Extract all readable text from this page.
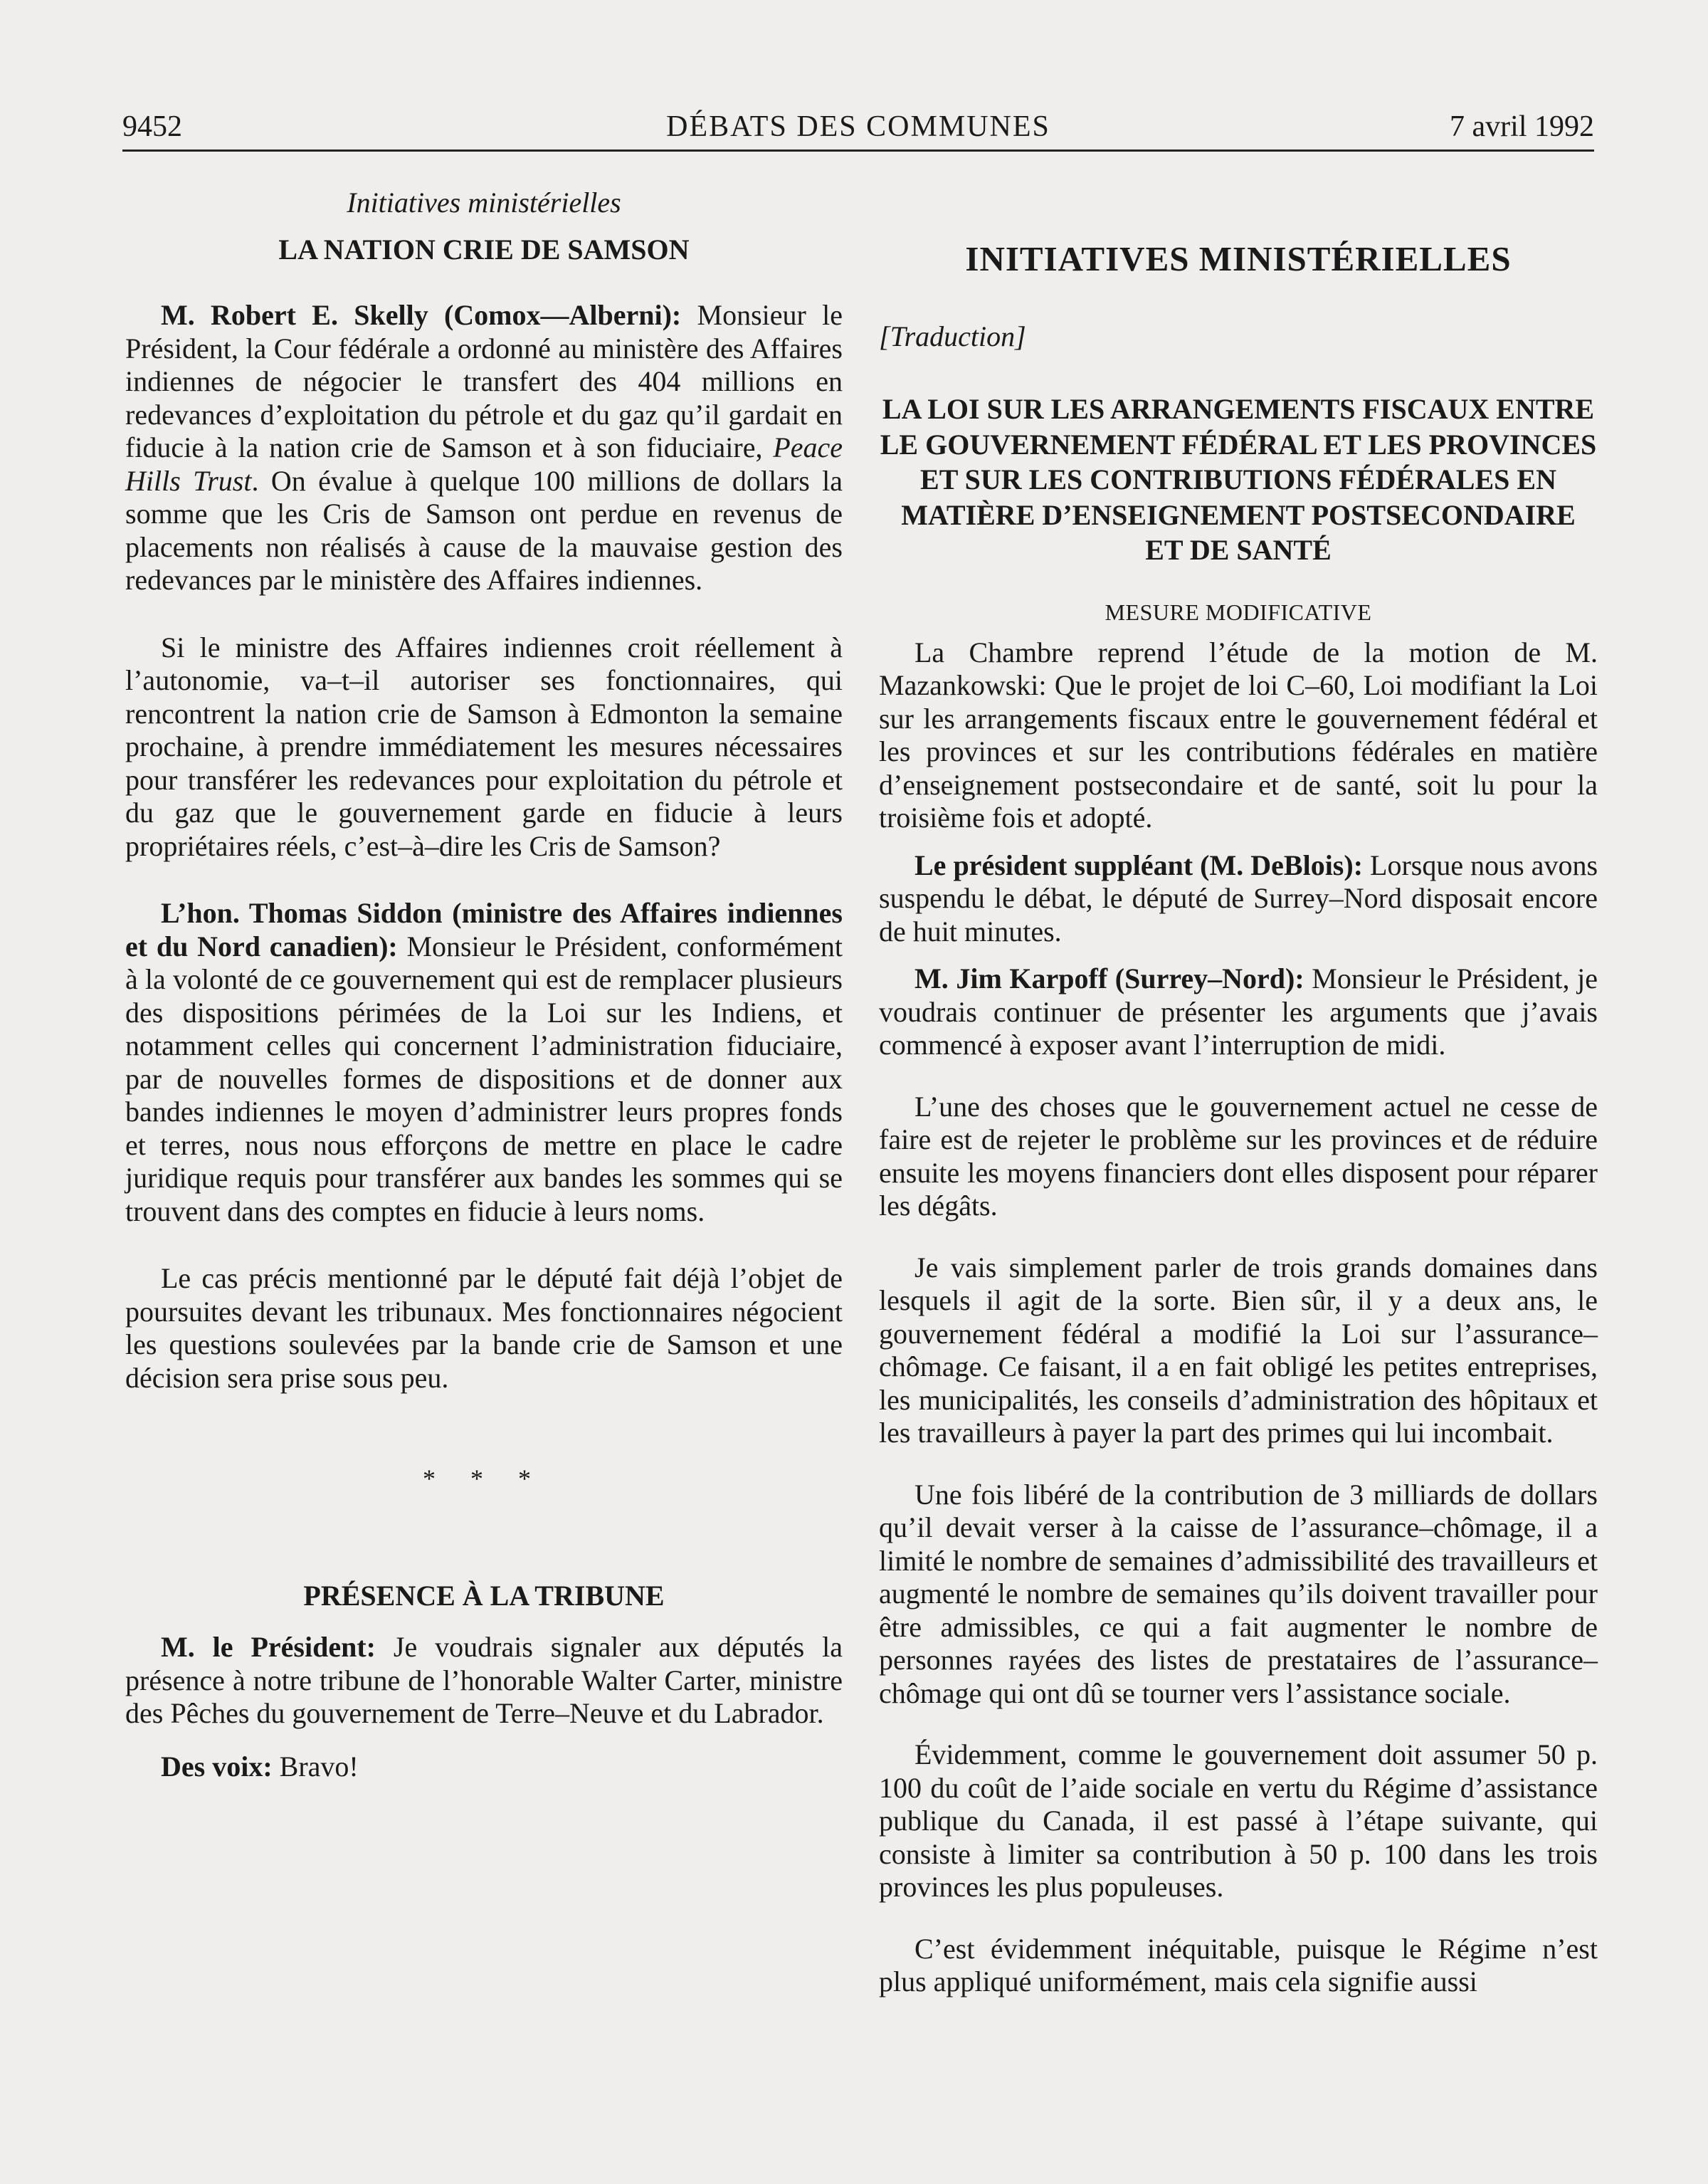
9452	DÉBATS DES COMMUNES	7 avril 1992

Initiatives ministérielles

LA NATION CRIE DE SAMSON

M. Robert E. Skelly (Comox—Alberni): Monsieur le Président, la Cour fédérale a ordonné au ministère des Affaires indiennes de négocier le transfert des 404 millions en redevances d’exploitation du pétrole et du gaz qu’il gardait en fiducie à la nation crie de Samson et à son fiduciaire, Peace Hills Trust. On évalue à quelque 100 millions de dollars la somme que les Cris de Samson ont perdue en revenus de placements non réalisés à cause de la mauvaise gestion des redevances par le ministère des Affaires indiennes.

Si le ministre des Affaires indiennes croit réellement à l’autonomie, va–t–il autoriser ses fonctionnaires, qui rencontrent la nation crie de Samson à Edmonton la semaine prochaine, à prendre immédiatement les mesures nécessaires pour transférer les redevances pour exploitation du pétrole et du gaz que le gouvernement garde en fiducie à leurs propriétaires réels, c’est–à–dire les Cris de Samson?

L’hon. Thomas Siddon (ministre des Affaires indiennes et du Nord canadien): Monsieur le Président, conformément à la volonté de ce gouvernement qui est de remplacer plusieurs des dispositions périmées de la Loi sur les Indiens, et notamment celles qui concernent l’administration fiduciaire, par de nouvelles formes de dispositions et de donner aux bandes indiennes le moyen d’administrer leurs propres fonds et terres, nous nous efforçons de mettre en place le cadre juridique requis pour transférer aux bandes les sommes qui se trouvent dans des comptes en fiducie à leurs noms.

Le cas précis mentionné par le député fait déjà l’objet de poursuites devant les tribunaux. Mes fonctionnaires négocient les questions soulevées par la bande crie de Samson et une décision sera prise sous peu.

* * *

PRÉSENCE À LA TRIBUNE

M. le Président: Je voudrais signaler aux députés la présence à notre tribune de l’honorable Walter Carter, ministre des Pêches du gouvernement de Terre–Neuve et du Labrador.

Des voix: Bravo!

INITIATIVES MINISTÉRIELLES

[Traduction]

LA LOI SUR LES ARRANGEMENTS FISCAUX ENTRE LE GOUVERNEMENT FÉDÉRAL ET LES PROVINCES ET SUR LES CONTRIBUTIONS FÉDÉRALES EN MATIÈRE D’ENSEIGNEMENT POSTSECONDAIRE ET DE SANTÉ

MESURE MODIFICATIVE

La Chambre reprend l’étude de la motion de M. Mazankowski: Que le projet de loi C–60, Loi modifiant la Loi sur les arrangements fiscaux entre le gouvernement fédéral et les provinces et sur les contributions fédérales en matière d’enseignement postsecondaire et de santé, soit lu pour la troisième fois et adopté.

Le président suppléant (M. DeBlois): Lorsque nous avons suspendu le débat, le député de Surrey–Nord disposait encore de huit minutes.

M. Jim Karpoff (Surrey–Nord): Monsieur le Président, je voudrais continuer de présenter les arguments que j’avais commencé à exposer avant l’interruption de midi.

L’une des choses que le gouvernement actuel ne cesse de faire est de rejeter le problème sur les provinces et de réduire ensuite les moyens financiers dont elles disposent pour réparer les dégâts.

Je vais simplement parler de trois grands domaines dans lesquels il agit de la sorte. Bien sûr, il y a deux ans, le gouvernement fédéral a modifié la Loi sur l’assurance–chômage. Ce faisant, il a en fait obligé les petites entreprises, les municipalités, les conseils d’administration des hôpitaux et les travailleurs à payer la part des primes qui lui incombait.

Une fois libéré de la contribution de 3 milliards de dollars qu’il devait verser à la caisse de l’assurance–chômage, il a limité le nombre de semaines d’admissibilité des travailleurs et augmenté le nombre de semaines qu’ils doivent travailler pour être admissibles, ce qui a fait augmenter le nombre de personnes rayées des listes de prestataires de l’assurance–chômage qui ont dû se tourner vers l’assistance sociale.

Évidemment, comme le gouvernement doit assumer 50 p. 100 du coût de l’aide sociale en vertu du Régime d’assistance publique du Canada, il est passé à l’étape suivante, qui consiste à limiter sa contribution à 50 p. 100 dans les trois provinces les plus populeuses.

C’est évidemment inéquitable, puisque le Régime n’est plus appliqué uniformément, mais cela signifie aussi
